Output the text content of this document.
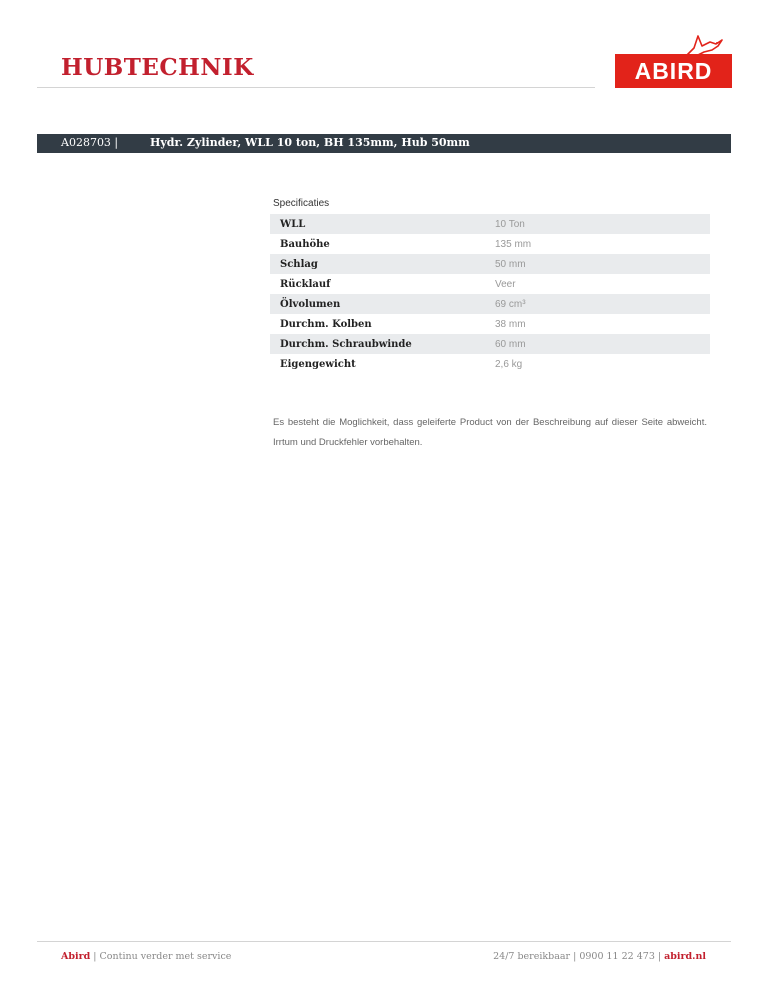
HUBTECHNIK	ABIRD
A028703 |	Hydr. Zylinder, WLL 10 ton, BH 135mm, Hub 50mm
Specificaties
WLL	10 Ton
Bauhöhe	135 mm
Schlag	50 mm
Rücklauf	Veer
Ölvolumen	69 cm³
Durchm. Kolben	38 mm
Durchm. Schraubwinde	60 mm
Eigengewicht	2,6 kg

Es besteht die Moglichkeit, dass geleiferte Product von der Beschreibung auf dieser Seite abweicht. Irrtum und Druckfehler vorbehalten.

Abird | Continu verder met service	24/7 bereikbaar | 0900 11 22 473 | abird.nl
